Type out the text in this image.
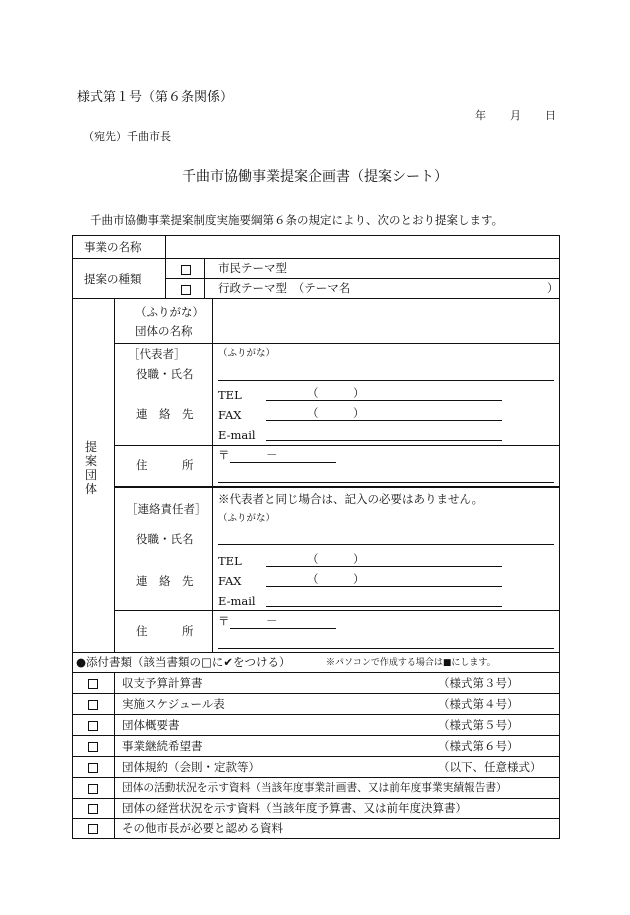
様式第１号（第６条関係）
年 月 日
（宛先）千曲市長
千曲市協働事業提案企画書（提案シート）
千曲市協働事業提案制度実施要綱第６条の規定により、次のとおり提案します。
事業の名称
提案の種類
市民テーマ型
行政テーマ型　（テーマ名	）
提
案
団
体
（ふりがな）
団体の名称
［代表者］
役職・氏名
連　絡　先
（ふりがな）
TEL	（　　　）
FAX	（　　　）
E-mail
住　　　所
〒	－
［連絡責任者］
※代表者と同じ場合は、記入の必要はありません。
役職・氏名
連　絡　先
（ふりがな）
TEL	（　　　）
FAX	（　　　）
E-mail
住　　　所
〒	－
●添付書類（該当書類の□に✔をつける）	※パソコンで作成する場合は■にします。
収支予算計算書	（様式第３号）
実施スケジュール表	（様式第４号）
団体概要書	（様式第５号）
事業継続希望書	（様式第６号）
団体規約（会則・定款等）	（以下、任意様式）
団体の活動状況を示す資料（当該年度事業計画書、又は前年度事業実績報告書）
団体の経営状況を示す資料（当該年度予算書、又は前年度決算書）
その他市長が必要と認める資料
